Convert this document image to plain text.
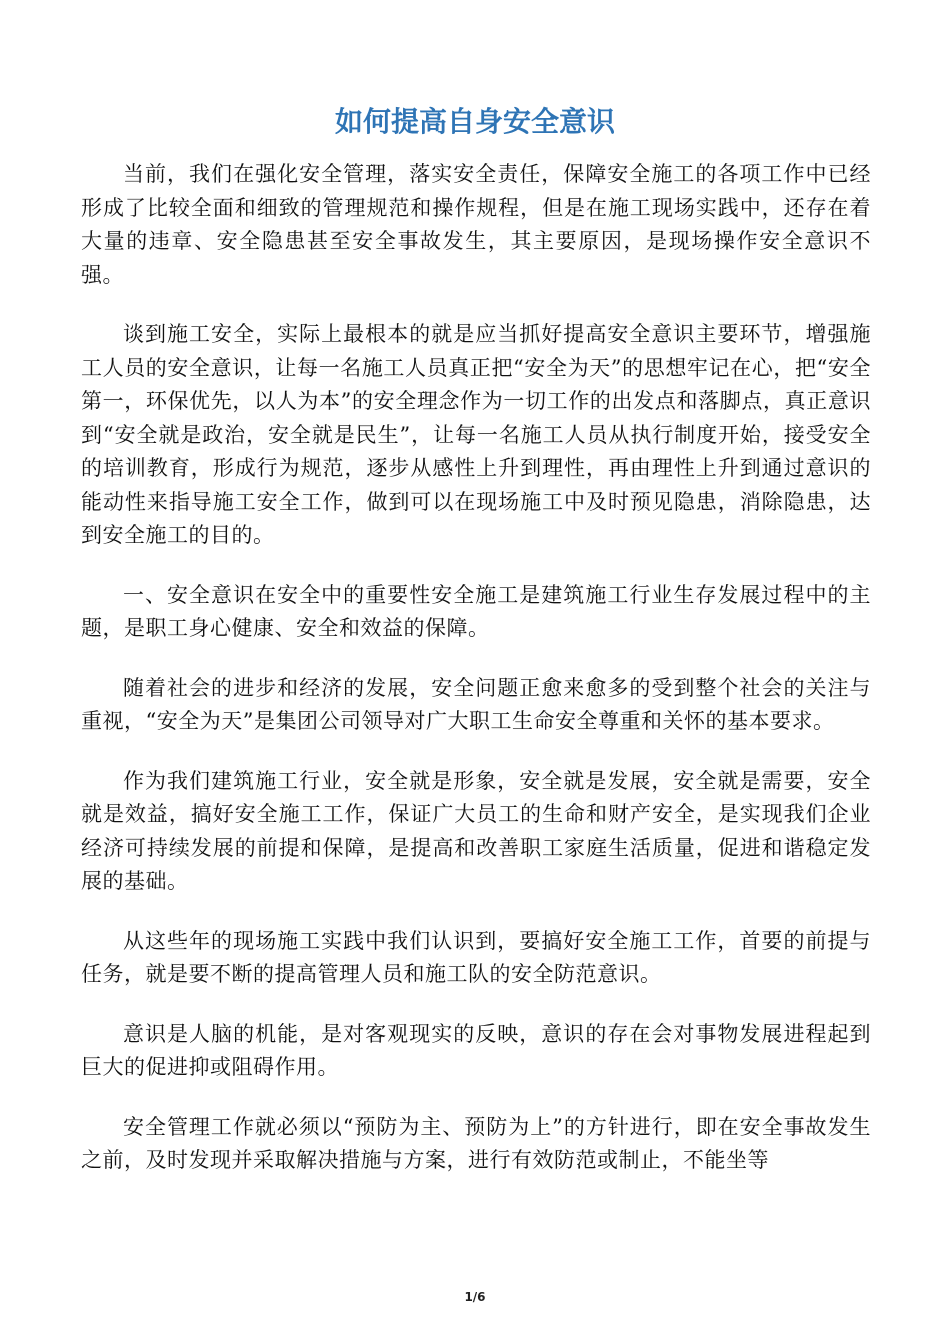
如何提高自身安全意识

当前，我们在强化安全管理，落实安全责任，保障安全施工的各项工作中已经形成了比较全面和细致的管理规范和操作规程，但是在施工现场实践中，还存在着大量的违章、安全隐患甚至安全事故发生，其主要原因，是现场操作安全意识不强。

谈到施工安全，实际上最根本的就是应当抓好提高安全意识主要环节，增强施工人员的安全意识，让每一名施工人员真正把“安全为天”的思想牢记在心，把“安全第一，环保优先，以人为本”的安全理念作为一切工作的出发点和落脚点，真正意识到“安全就是政治，安全就是民生”，让每一名施工人员从执行制度开始，接受安全的培训教育，形成行为规范，逐步从感性上升到理性，再由理性上升到通过意识的能动性来指导施工安全工作，做到可以在现场施工中及时预见隐患，消除隐患，达到安全施工的目的。

一、安全意识在安全中的重要性安全施工是建筑施工行业生存发展过程中的主题，是职工身心健康、安全和效益的保障。

随着社会的进步和经济的发展，安全问题正愈来愈多的受到整个社会的关注与重视，“安全为天”是集团公司领导对广大职工生命安全尊重和关怀的基本要求。

作为我们建筑施工行业，安全就是形象，安全就是发展，安全就是需要，安全就是效益，搞好安全施工工作，保证广大员工的生命和财产安全，是实现我们企业经济可持续发展的前提和保障，是提高和改善职工家庭生活质量，促进和谐稳定发展的基础。

从这些年的现场施工实践中我们认识到，要搞好安全施工工作，首要的前提与任务，就是要不断的提高管理人员和施工队的安全防范意识。

意识是人脑的机能，是对客观现实的反映，意识的存在会对事物发展进程起到巨大的促进抑或阻碍作用。

安全管理工作就必须以“预防为主、预防为上”的方针进行，即在安全事故发生之前，及时发现并采取解决措施与方案，进行有效防范或制止，不能坐等

1/6
